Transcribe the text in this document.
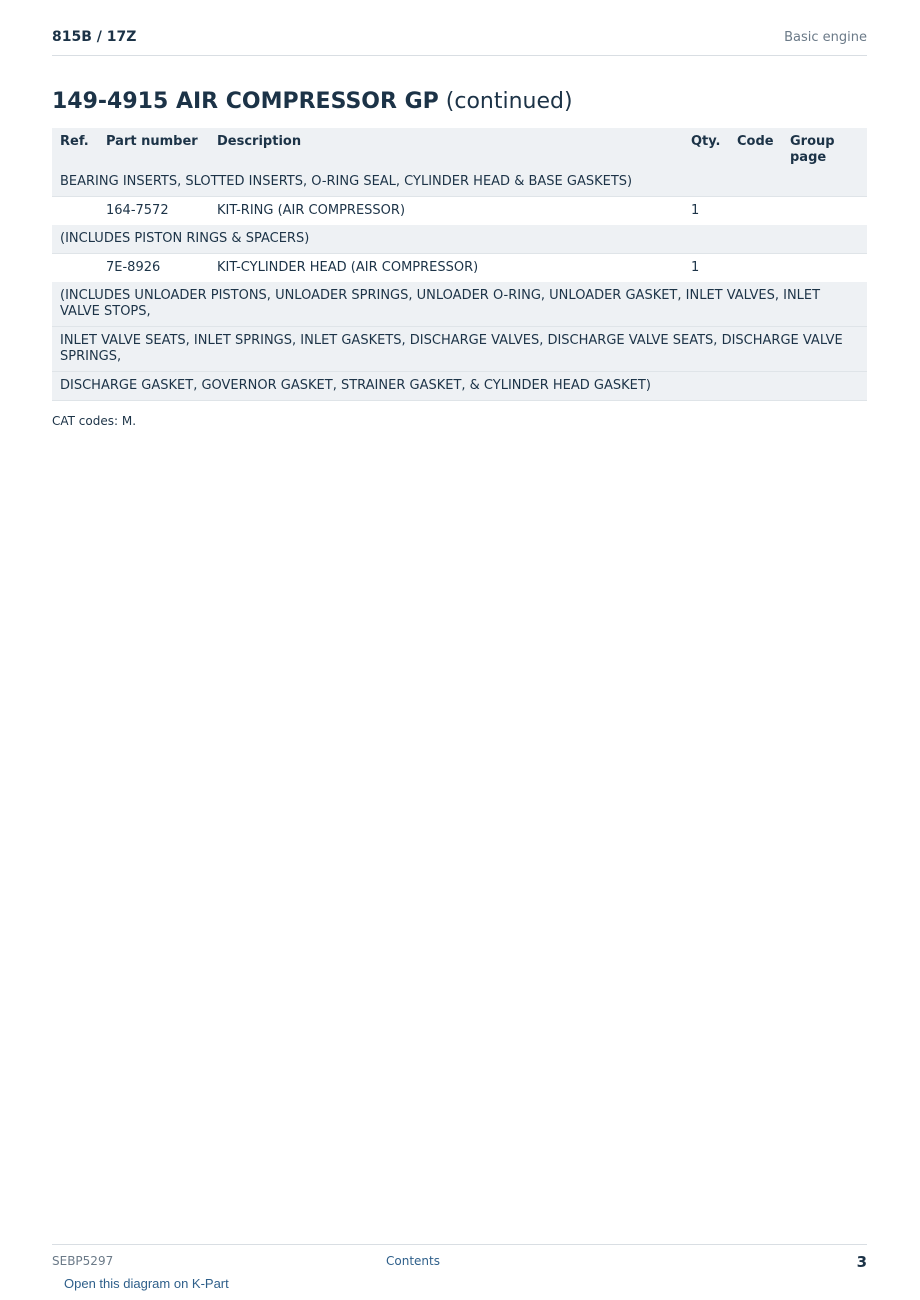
815B / 17Z	Basic engine
149-4915 AIR COMPRESSOR GP (continued)
Ref.	Part number	Description	Qty.	Code	Group page
BEARING INSERTS, SLOTTED INSERTS, O-RING SEAL, CYLINDER HEAD & BASE GASKETS)					
	164-7572	KIT-RING (AIR COMPRESSOR)	1		
(INCLUDES PISTON RINGS & SPACERS)					
	7E-8926	KIT-CYLINDER HEAD (AIR COMPRESSOR)	1		
(INCLUDES UNLOADER PISTONS, UNLOADER SPRINGS, UNLOADER O-RING, UNLOADER GASKET, INLET VALVES, INLET VALVE STOPS,					
INLET VALVE SEATS, INLET SPRINGS, INLET GASKETS, DISCHARGE VALVES, DISCHARGE VALVE SEATS, DISCHARGE VALVE SPRINGS,					
DISCHARGE GASKET, GOVERNOR GASKET, STRAINER GASKET, & CYLINDER HEAD GASKET)					
CAT codes: M.
SEBP5297	Contents	3
Open this diagram on K-Part
